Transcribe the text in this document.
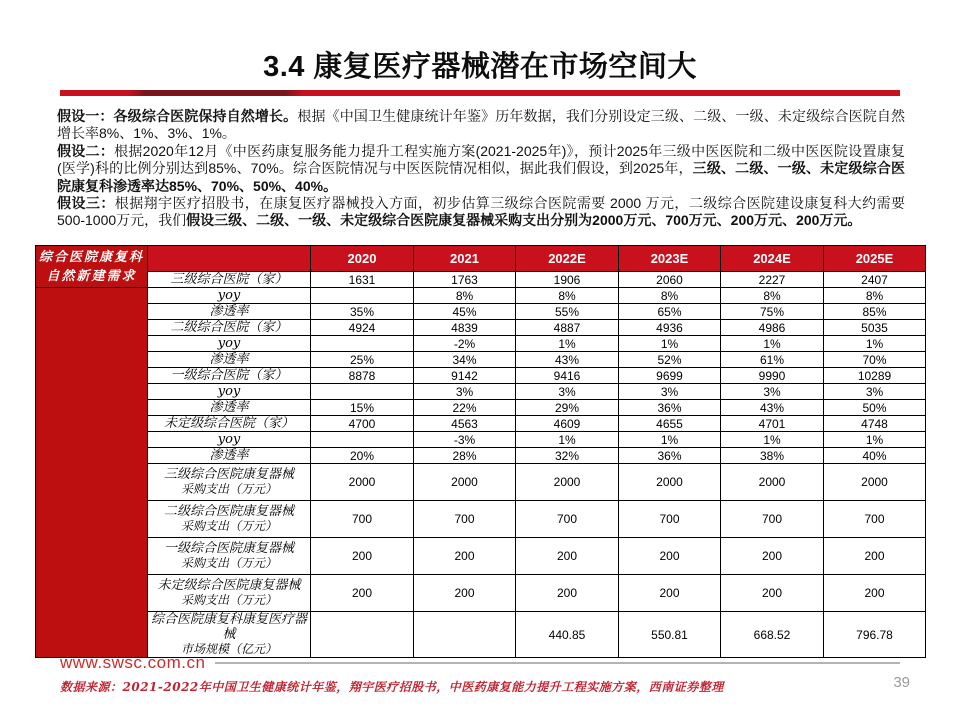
3.4 康复医疗器械潜在市场空间大
假设一：各级综合医院保持自然增长。根据《中国卫生健康统计年鉴》历年数据，我们分别设定三级、二级、一级、未定级综合医院自然增长率8%、1%、3%、1%。
假设二：根据2020年12月《中医药康复服务能力提升工程实施方案(2021-2025年)》，预计2025年三级中医医院和二级中医医院设置康复(医学)科的比例分别达到85%、70%。综合医院情况与中医医院情况相似，据此我们假设，到2025年，三级、二级、一级、未定级综合医院康复科渗透率达85%、70%、50%、40%。
假设三：根据翔宇医疗招股书，在康复医疗器械投入方面，初步估算三级综合医院需要 2000 万元，二级综合医院建设康复科大约需要 500-1000万元，我们假设三级、二级、一级、未定级综合医院康复器械采购支出分别为2000万元、700万元、200万元、200万元。
综合医院康复科
自然新建需求		2020	2021	2022E	2023E	2024E	2025E
	三级综合医院（家）	1631	1763	1906	2060	2227	2407
	yoy		8%	8%	8%	8%	8%
	渗透率	35%	45%	55%	65%	75%	85%
	二级综合医院（家）	4924	4839	4887	4936	4986	5035
	yoy		-2%	1%	1%	1%	1%
	渗透率	25%	34%	43%	52%	61%	70%
	一级综合医院（家）	8878	9142	9416	9699	9990	10289
	yoy		3%	3%	3%	3%	3%
	渗透率	15%	22%	29%	36%	43%	50%
	未定级综合医院（家）	4700	4563	4609	4655	4701	4748
	yoy		-3%	1%	1%	1%	1%
	渗透率	20%	28%	32%	36%	38%	40%

	三级综合医院康复器械
采购支出（万元）	2000	2000	2000	2000	2000	2000

	二级综合医院康复器械
采购支出（万元）	700	700	700	700	700	700

	一级综合医院康复器械
采购支出（万元）	200	200	200	200	200	200

	未定级综合医院康复器械
采购支出（万元）	200	200	200	200	200	200

	综合医院康复科康复医疗器械
市场规模（亿元）			440.85	550.81	668.52	796.78
www.swsc.com.cn
数据来源：2021-2022年中国卫生健康统计年鉴，翔宇医疗招股书，中医药康复能力提升工程实施方案，西南证券整理	39
